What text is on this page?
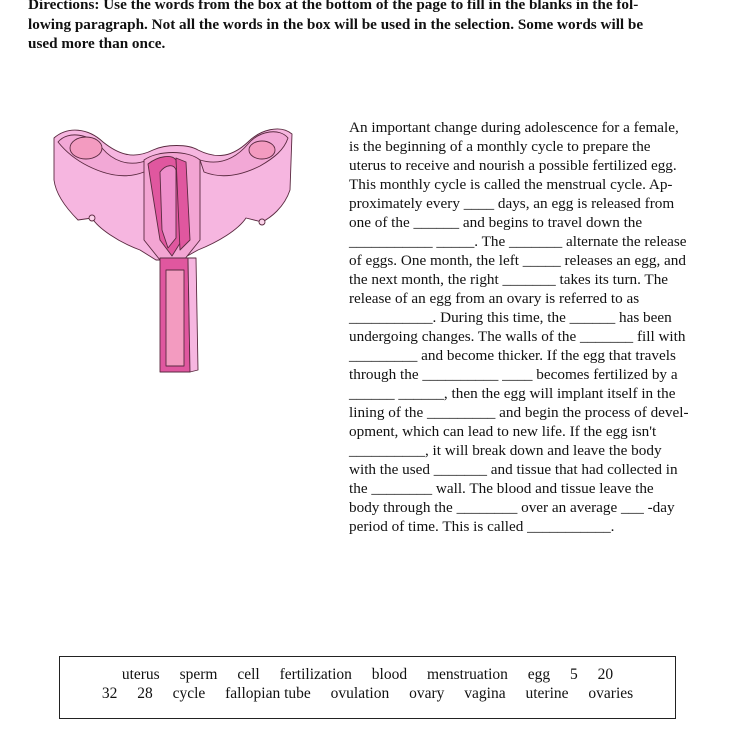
Directions: Use the words from the box at the bottom of the page to fill in the blanks in the fol-
lowing paragraph. Not all the words in the box will be used in the selection. Some words will be
used more than once.
An important change during adolescence for a female,
is the beginning of a monthly cycle to prepare the
uterus to receive and nourish a possible fertilized egg.
This monthly cycle is called the menstrual cycle. Ap-
proximately every ____ days, an egg is released from
one of the ______ and begins to travel down the
___________ _____. The _______ alternate the release
of eggs. One month, the left _____ releases an egg, and
the next month, the right _______ takes its turn. The
release of an egg from an ovary is referred to as
___________. During this time, the ______ has been
undergoing changes. The walls of the _______ fill with
_________ and become thicker. If the egg that travels
through the __________ ____ becomes fertilized by a
______ ______, then the egg will implant itself in the
lining of the _________ and begin the process of devel-
opment, which can lead to new life. If the egg isn't
__________, it will break down and leave the body
with the used _______ and tissue that had collected in
the ________ wall. The blood and tissue leave the
body through the ________ over an average ___ -day
period of time. This is called ___________.
uterus sperm cell fertilization blood menstruation egg 5 20
32 28 cycle fallopian tube ovulation ovary vagina uterine ovaries
